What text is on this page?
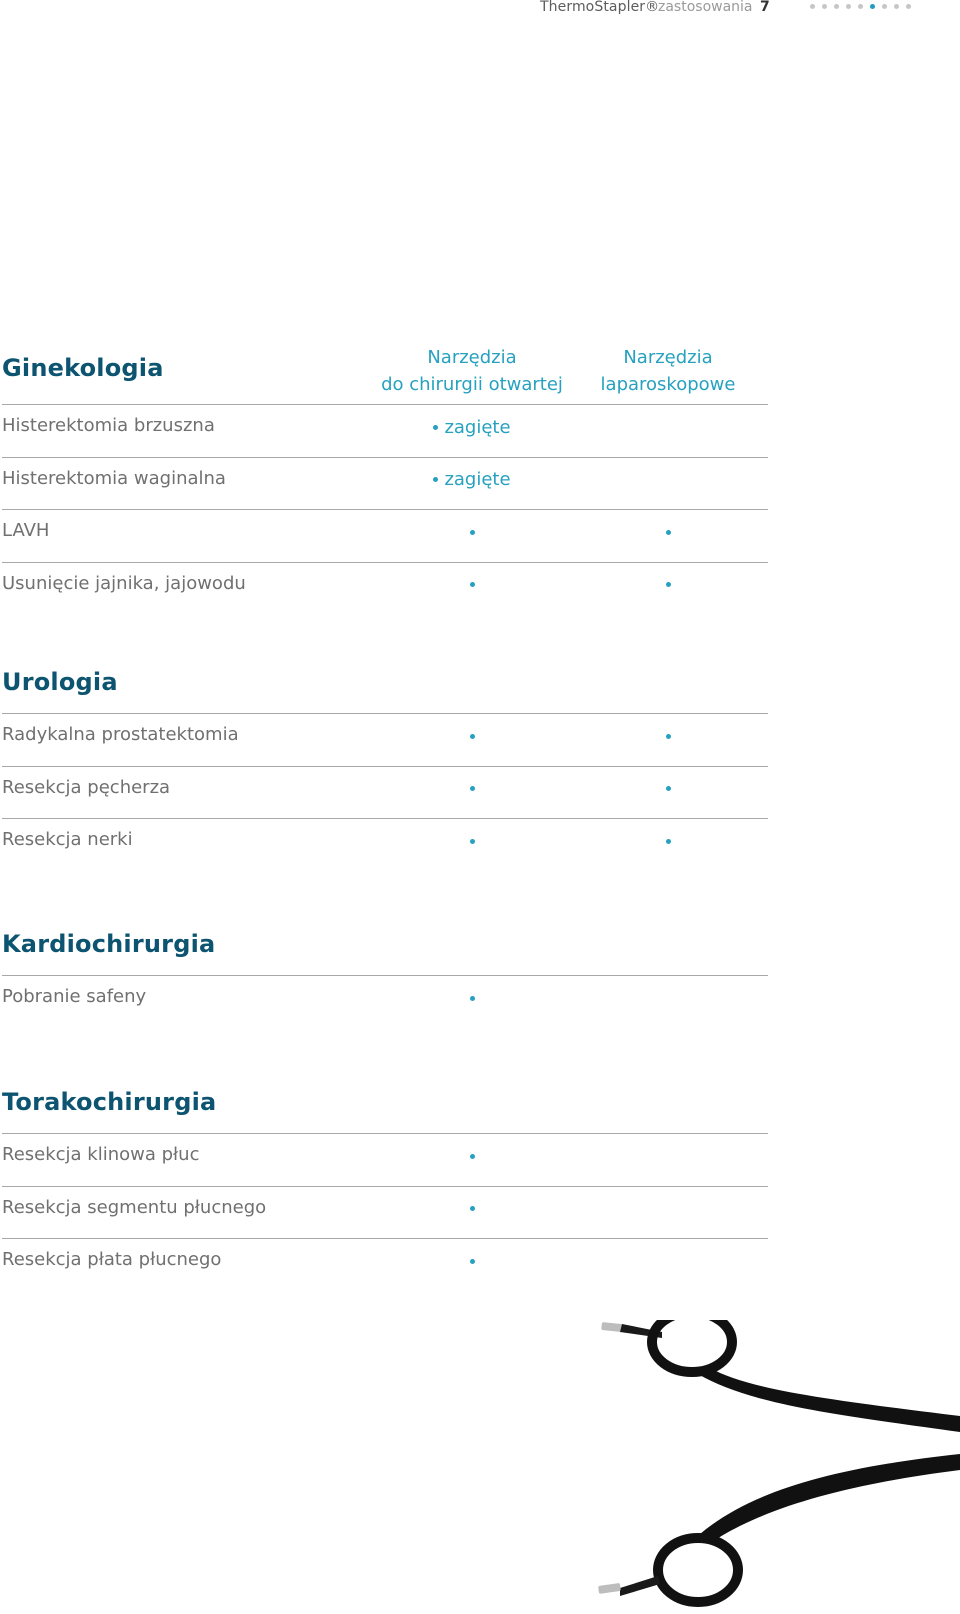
ThermoStapler®
zastosowania 7
Narzędzia
do chirurgii otwartej
Narzędzia
laparoskopowe
Ginekologia
Histerektomia brzuszna	zagięte
Histerektomia waginalna	zagięte
LAVH
Usunięcie jajnika, jajowodu
Urologia
Radykalna prostatektomia
Resekcja pęcherza
Resekcja nerki
Kardiochirurgia
Pobranie safeny
Torakochirurgia
Resekcja klinowa płuc
Resekcja segmentu płucnego
Resekcja płata płucnego
